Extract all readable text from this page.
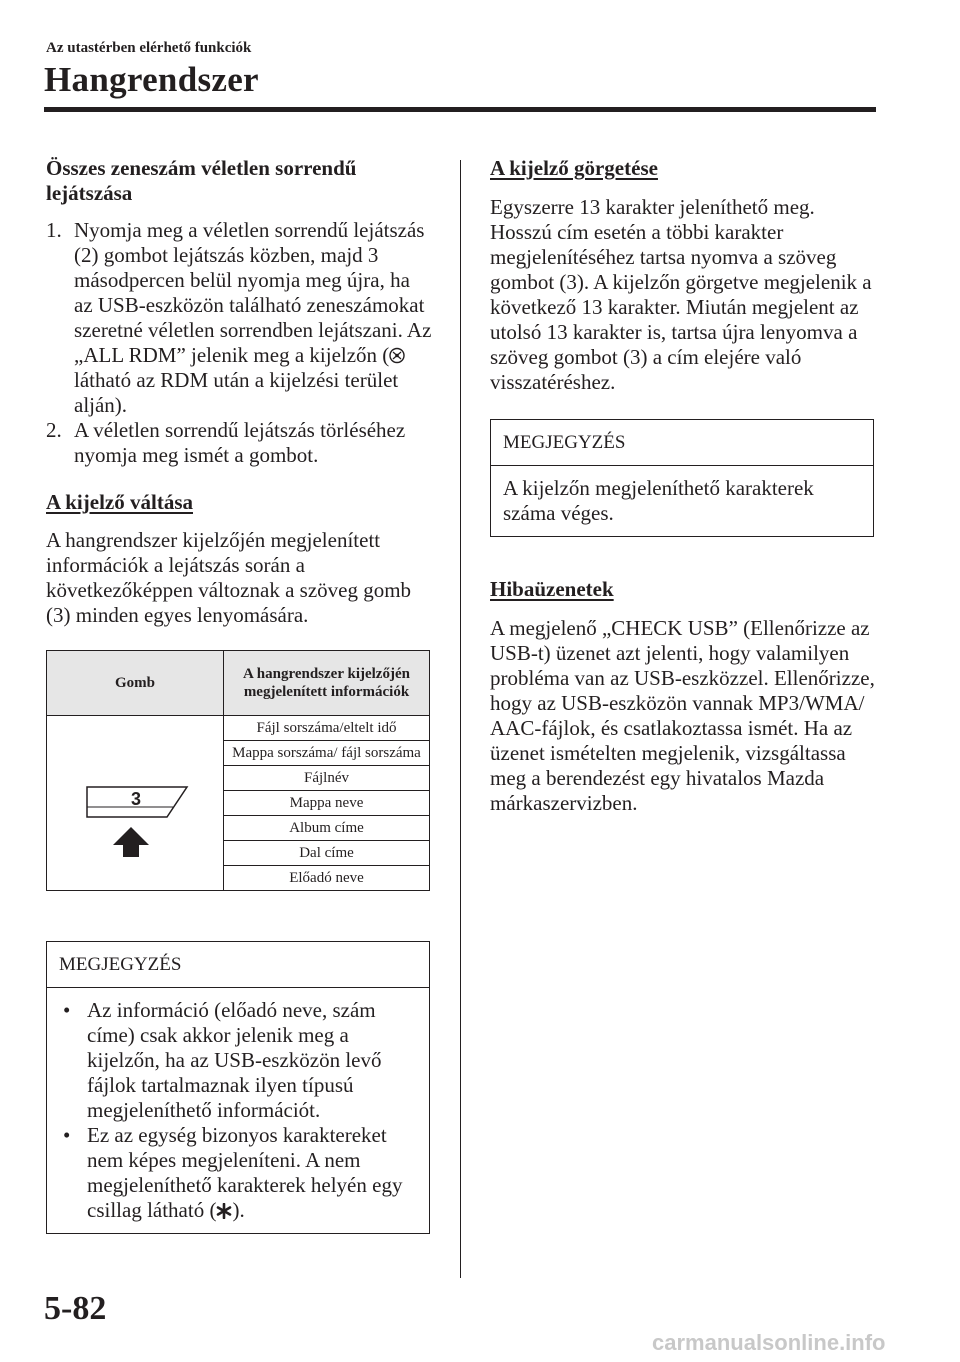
Az utastérben elérhető funkciók
Hangrendszer
Összes zeneszám véletlen sorrendű
lejátszása
1. Nyomja meg a véletlen sorrendű lejátszás (2) gombot lejátszás közben, majd 3 másodpercen belül nyomja meg újra, ha az USB-eszközön található zeneszámokat szeretné véletlen sorrendben lejátszani. Az „ALL RDM” jelenik meg a kijelzőn ( látható az RDM után a kijelzési terület alján).
2. A véletlen sorrendű lejátszás törléséhez nyomja meg ismét a gombot.
A kijelző váltása

A hangrendszer kijelzőjén megjelenített információk a lejátszás során a következőképpen változnak a szöveg gomb (3) minden egyes lenyomására.

Gomb	A hangrendszer kijelzőjén megjelenített információk

3	Fájl sorszáma/eltelt idő
	Mappa sorszáma/ fájl sorszáma
	Fájlnév
	Mappa neve
	Album címe
	Dal címe
	Előadó neve
MEGJEGYZÉS
• Az információ (előadó neve, szám címe) csak akkor jelenik meg a kijelzőn, ha az USB-eszközön levő fájlok tartalmaznak ilyen típusú megjeleníthető információt.
• Ez az egység bizonyos karaktereket nem képes megjeleníteni. A nem megjeleníthető karakterek helyén egy csillag látható ( ).
A kijelző görgetése

Egyszerre 13 karakter jeleníthető meg. Hosszú cím esetén a többi karakter megjelenítéséhez tartsa nyomva a szöveg gombot (3). A kijelzőn görgetve megjelenik a következő 13 karakter. Miután megjelent az utolsó 13 karakter is, tartsa újra lenyomva a szöveg gombot (3) a cím elejére való visszatéréshez.

MEGJEGYZÉS
A kijelzőn megjeleníthető karakterek száma véges.
Hibaüzenetek

A megjelenő „CHECK USB” (Ellenőrizze az USB-t) üzenet azt jelenti, hogy valamilyen probléma van az USB-eszközzel. Ellenőrizze, hogy az USB-eszközön vannak MP3/WMA/ AAC-fájlok, és csatlakoztassa ismét. Ha az üzenet ismételten megjelenik, vizsgáltassa meg a berendezést egy hivatalos Mazda márkaszervizben.

5-82
carmanualsonline.info
